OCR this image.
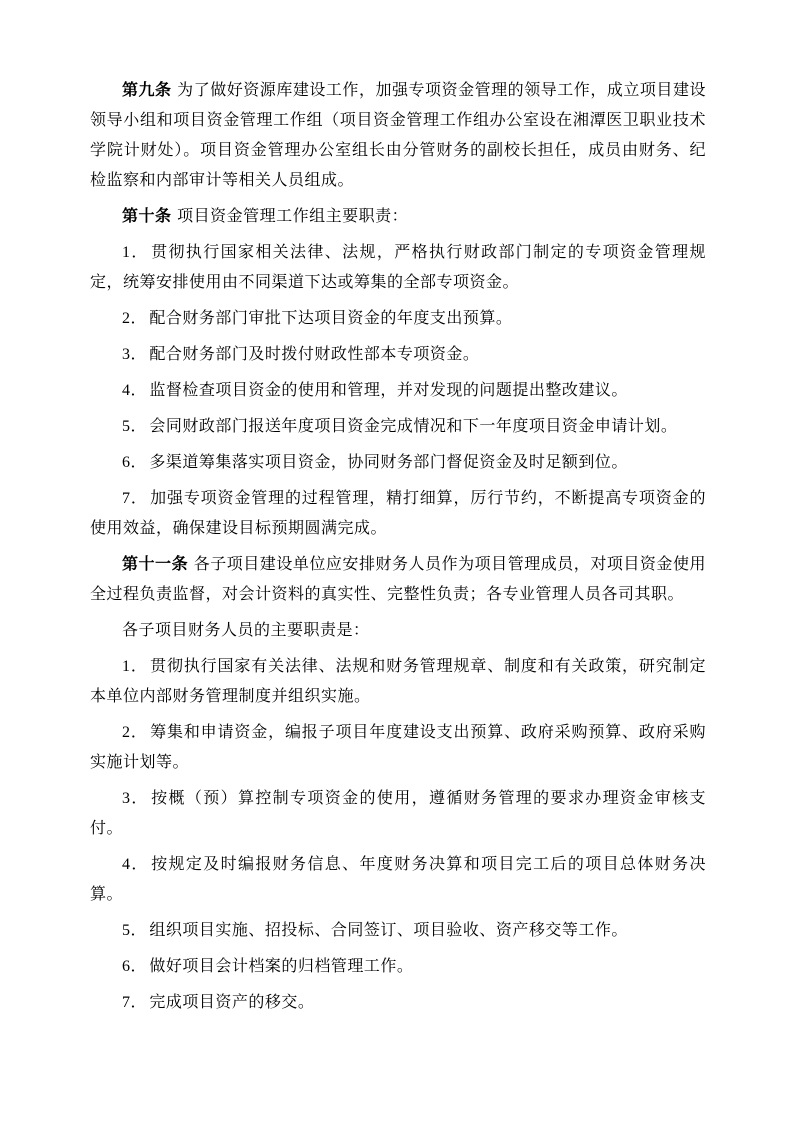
第九条 为了做好资源库建设工作，加强专项资金管理的领导工作，成立项目建设领导小组和项目资金管理工作组（项目资金管理工作组办公室设在湘潭医卫职业技术学院计财处）。项目资金管理办公室组长由分管财务的副校长担任，成员由财务、纪检监察和内部审计等相关人员组成。

第十条 项目资金管理工作组主要职责：

1． 贯彻执行国家相关法律、法规，严格执行财政部门制定的专项资金管理规定，统筹安排使用由不同渠道下达或筹集的全部专项资金。

2． 配合财务部门审批下达项目资金的年度支出预算。

3． 配合财务部门及时拨付财政性部本专项资金。

4． 监督检查项目资金的使用和管理，并对发现的问题提出整改建议。

5． 会同财政部门报送年度项目资金完成情况和下一年度项目资金申请计划。

6． 多渠道筹集落实项目资金，协同财务部门督促资金及时足额到位。

7． 加强专项资金管理的过程管理，精打细算，厉行节约，不断提高专项资金的使用效益，确保建设目标预期圆满完成。

第十一条 各子项目建设单位应安排财务人员作为项目管理成员，对项目资金使用全过程负责监督，对会计资料的真实性、完整性负责；各专业管理人员各司其职。

各子项目财务人员的主要职责是：

1． 贯彻执行国家有关法律、法规和财务管理规章、制度和有关政策，研究制定本单位内部财务管理制度并组织实施。

2． 筹集和申请资金，编报子项目年度建设支出预算、政府采购预算、政府采购实施计划等。

3． 按概（预）算控制专项资金的使用，遵循财务管理的要求办理资金审核支付。

4． 按规定及时编报财务信息、年度财务决算和项目完工后的项目总体财务决算。

5． 组织项目实施、招投标、合同签订、项目验收、资产移交等工作。

6． 做好项目会计档案的归档管理工作。

7． 完成项目资产的移交。
